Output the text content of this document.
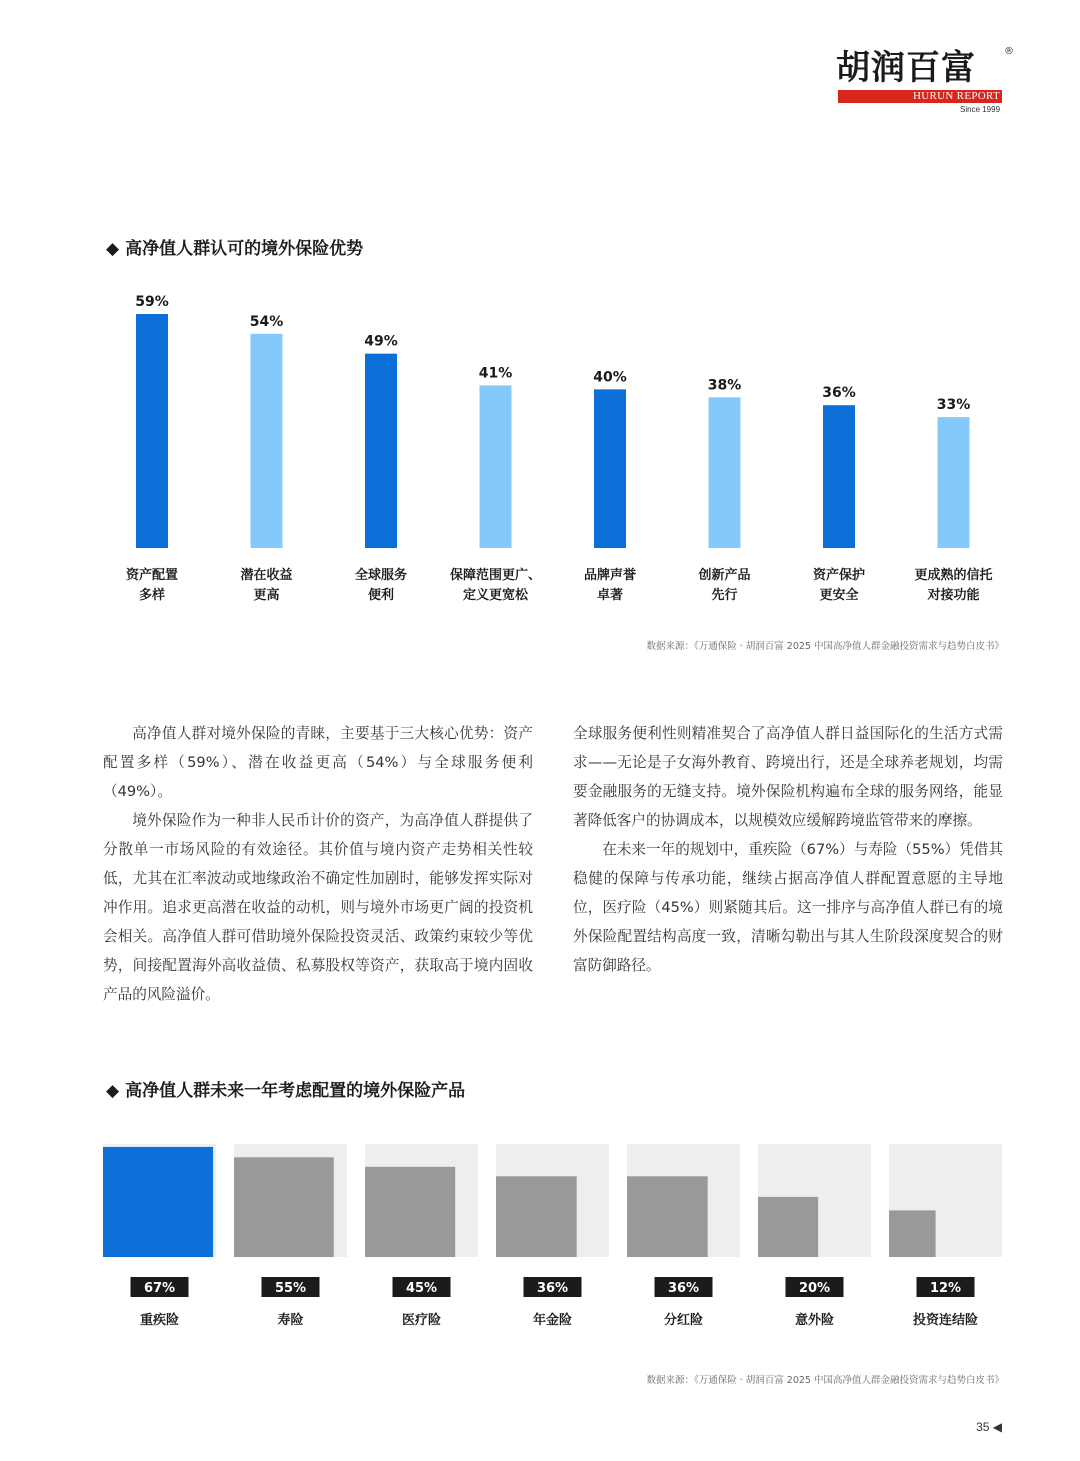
胡润百富	®
HURUN REPORT
Since 1999
◆ 高净值人群认可的境外保险优势
59%
资产配置
多样
54%
潜在收益
更高
49%
全球服务
便利
41%
保障范围更广、
定义更宽松
40%
品牌声誉
卓著
38%
创新产品
先行
36%
资产保护
更安全
33%
更成熟的信托
对接功能
数据来源：《万通保险 · 胡润百富 2025 中国高净值人群金融投资需求与趋势白皮书》

高净值人群对境外保险的青睐，主要基于三大核心优势：资产配置多样（59%）、潜在收益更高（54%）与全球服务便利（49%）。

境外保险作为一种非人民币计价的资产，为高净值人群提供了分散单一市场风险的有效途径。其价值与境内资产走势相关性较低，尤其在汇率波动或地缘政治不确定性加剧时，能够发挥实际对冲作用。追求更高潜在收益的动机，则与境外市场更广阔的投资机会相关。高净值人群可借助境外保险投资灵活、政策约束较少等优势，间接配置海外高收益债、私募股权等资产，获取高于境内固收产品的风险溢价。

全球服务便利性则精准契合了高净值人群日益国际化的生活方式需求——无论是子女海外教育、跨境出行，还是全球养老规划，均需要金融服务的无缝支持。境外保险机构遍布全球的服务网络，能显著降低客户的协调成本，以规模效应缓解跨境监管带来的摩擦。

在未来一年的规划中，重疾险（67%）与寿险（55%）凭借其稳健的保障与传承功能，继续占据高净值人群配置意愿的主导地位，医疗险（45%）则紧随其后。这一排序与高净值人群已有的境外保险配置结构高度一致，清晰勾勒出与其人生阶段深度契合的财富防御路径。

◆ 高净值人群未来一年考虑配置的境外保险产品
67%
重疾险
55%
寿险
45%
医疗险
36%
年金险
36%
分红险
20%
意外险
12%
投资连结险
数据来源：《万通保险 · 胡润百富 2025 中国高净值人群金融投资需求与趋势白皮书》
35 ◀
